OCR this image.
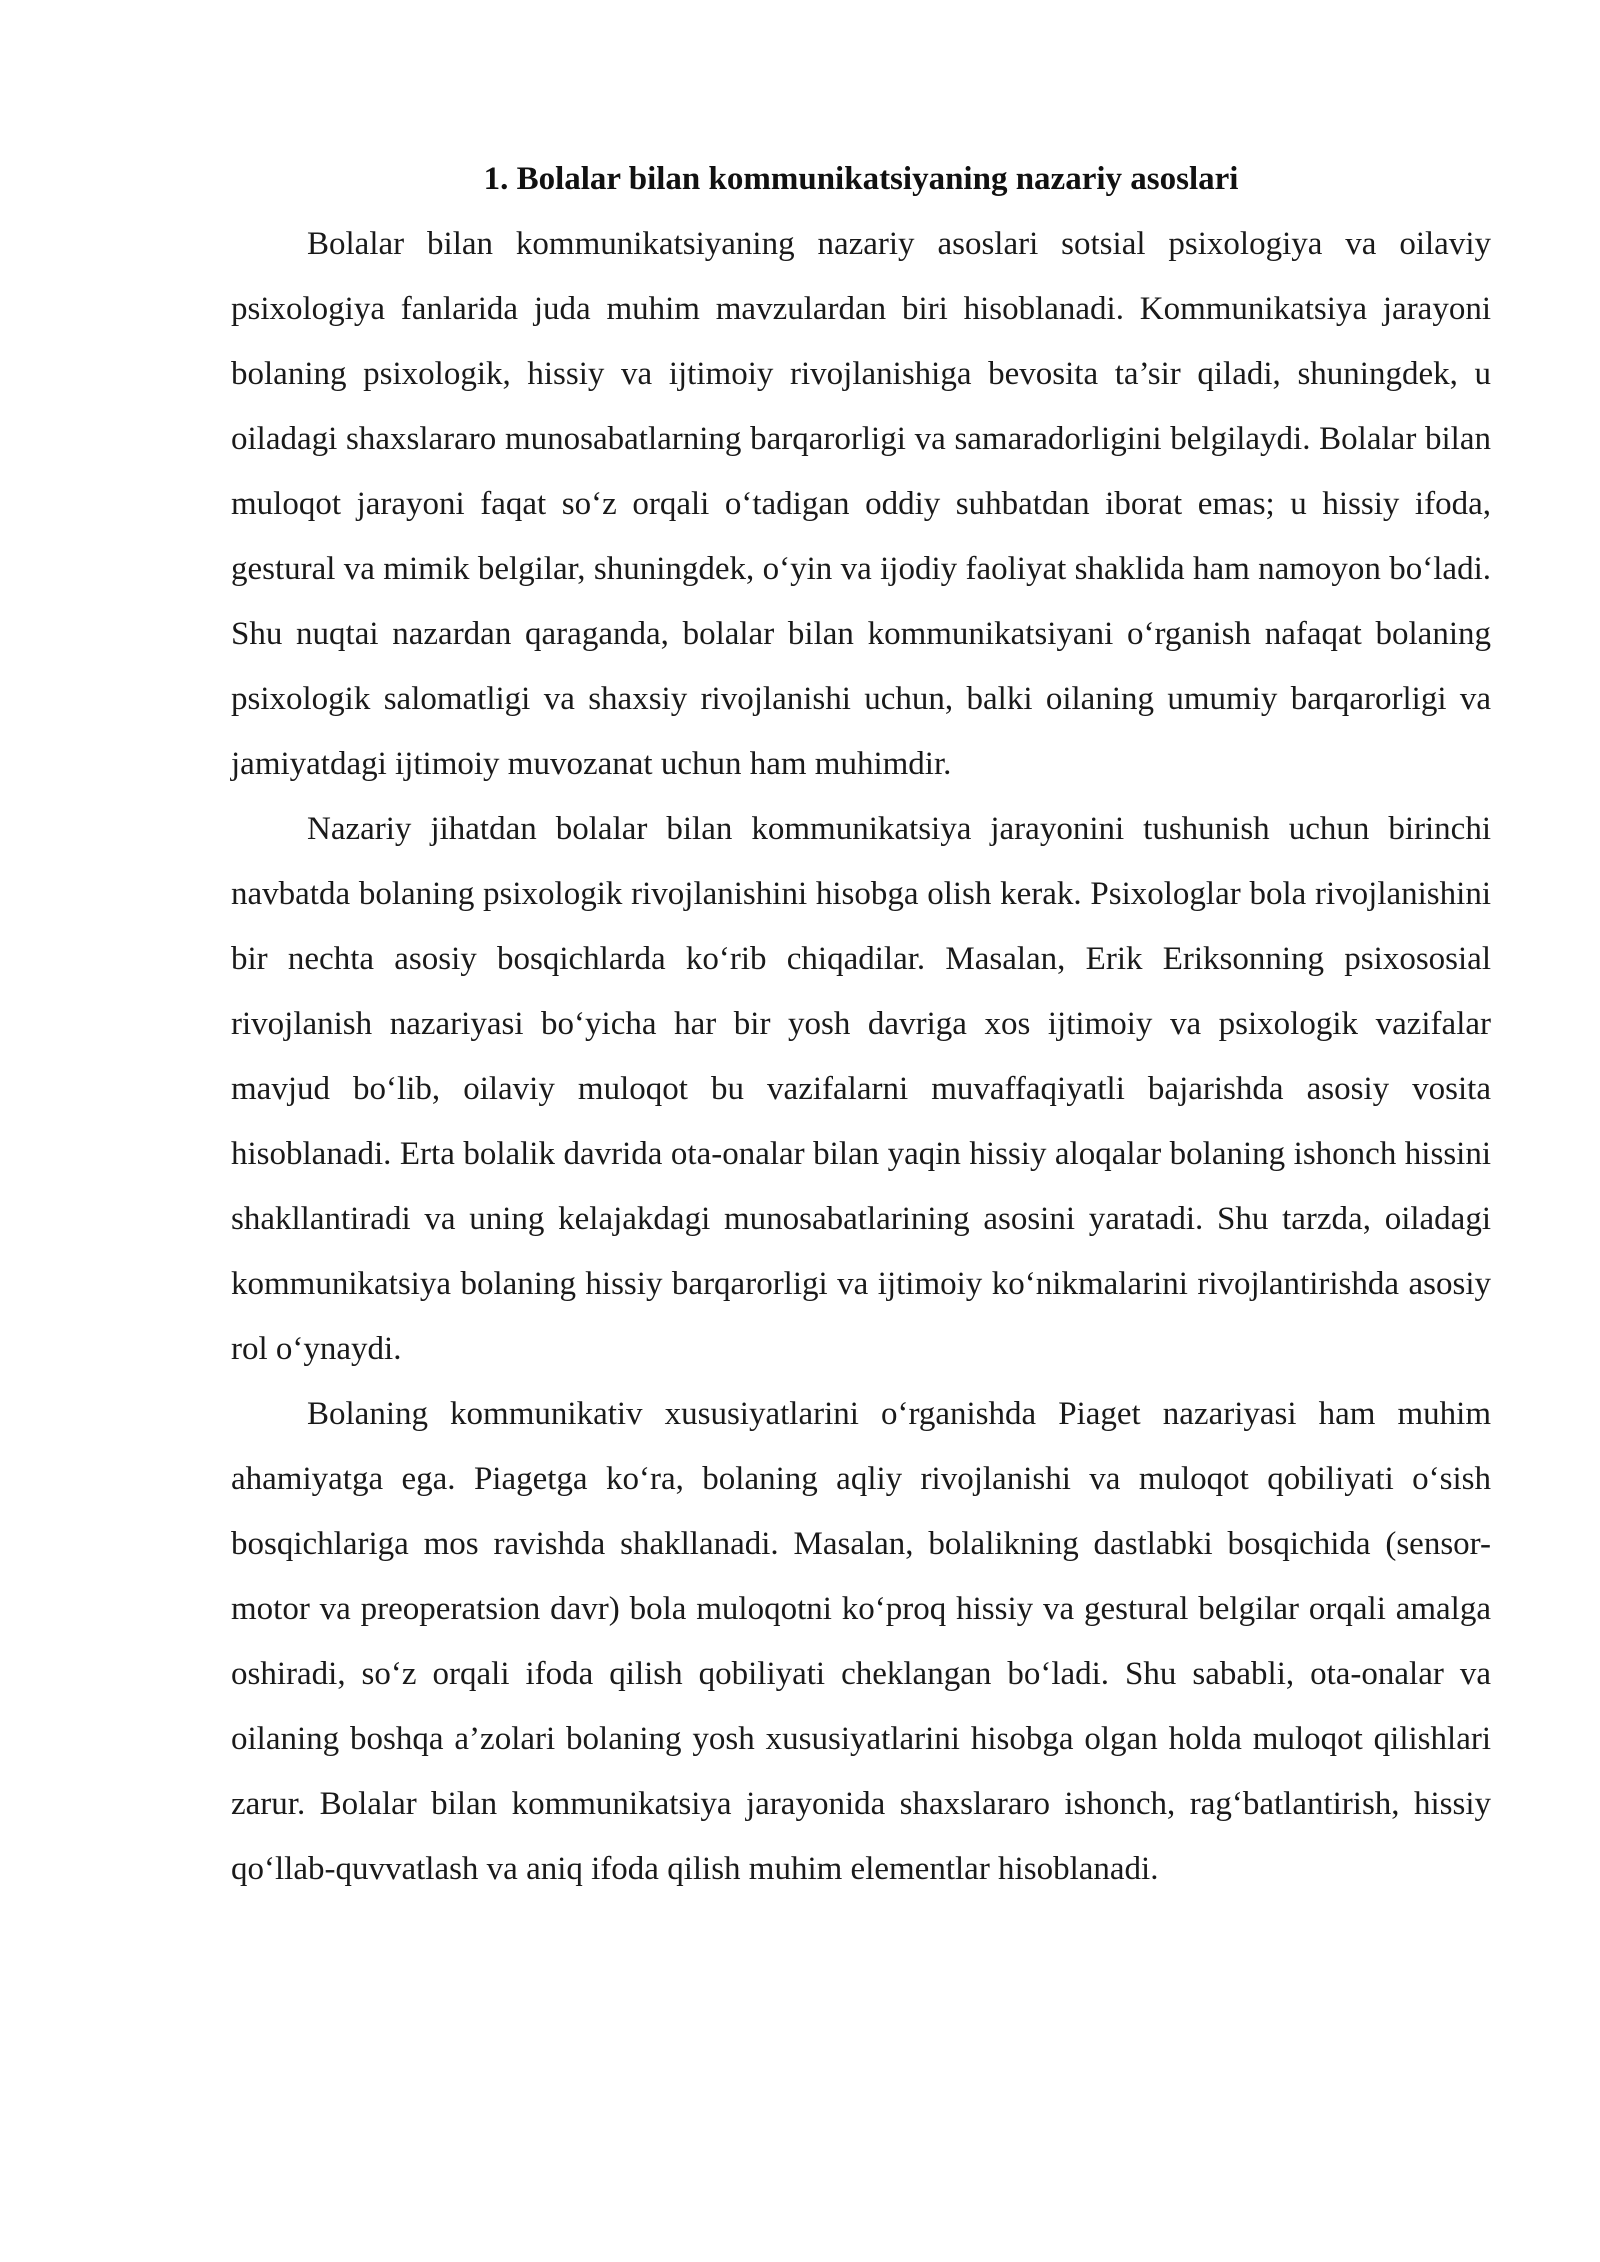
1. Bolalar bilan kommunikatsiyaning nazariy asoslari

Bolalar bilan kommunikatsiyaning nazariy asoslari sotsial psixologiya va oilaviy psixologiya fanlarida juda muhim mavzulardan biri hisoblanadi. Kommunikatsiya jarayoni bolaning psixologik, hissiy va ijtimoiy rivojlanishiga bevosita ta’sir qiladi, shuningdek, u oiladagi shaxslararo munosabatlarning barqarorligi va samaradorligini belgilaydi. Bolalar bilan muloqot jarayoni faqat so‘z orqali o‘tadigan oddiy suhbatdan iborat emas; u hissiy ifoda, gestural va mimik belgilar, shuningdek, o‘yin va ijodiy faoliyat shaklida ham namoyon bo‘ladi. Shu nuqtai nazardan qaraganda, bolalar bilan kommunikatsiyani o‘rganish nafaqat bolaning psixologik salomatligi va shaxsiy rivojlanishi uchun, balki oilaning umumiy barqarorligi va jamiyatdagi ijtimoiy muvozanat uchun ham muhimdir.

Nazariy jihatdan bolalar bilan kommunikatsiya jarayonini tushunish uchun birinchi navbatda bolaning psixologik rivojlanishini hisobga olish kerak. Psixologlar bola rivojlanishini bir nechta asosiy bosqichlarda ko‘rib chiqadilar. Masalan, Erik Eriksonning psixososial rivojlanish nazariyasi bo‘yicha har bir yosh davriga xos ijtimoiy va psixologik vazifalar mavjud bo‘lib, oilaviy muloqot bu vazifalarni muvaffaqiyatli bajarishda asosiy vosita hisoblanadi. Erta bolalik davrida ota-onalar bilan yaqin hissiy aloqalar bolaning ishonch hissini shakllantiradi va uning kelajakdagi munosabatlarining asosini yaratadi. Shu tarzda, oiladagi kommunikatsiya bolaning hissiy barqarorligi va ijtimoiy ko‘nikmalarini rivojlantirishda asosiy rol o‘ynaydi.

Bolaning kommunikativ xususiyatlarini o‘rganishda Piaget nazariyasi ham muhim ahamiyatga ega. Piagetga ko‘ra, bolaning aqliy rivojlanishi va muloqot qobiliyati o‘sish bosqichlariga mos ravishda shakllanadi. Masalan, bolalikning dastlabki bosqichida (sensor-motor va preoperatsion davr) bola muloqotni ko‘proq hissiy va gestural belgilar orqali amalga oshiradi, so‘z orqali ifoda qilish qobiliyati cheklangan bo‘ladi. Shu sababli, ota-onalar va oilaning boshqa a’zolari bolaning yosh xususiyatlarini hisobga olgan holda muloqot qilishlari zarur. Bolalar bilan kommunikatsiya jarayonida shaxslararo ishonch, rag‘batlantirish, hissiy qo‘llab-quvvatlash va aniq ifoda qilish muhim elementlar hisoblanadi.
